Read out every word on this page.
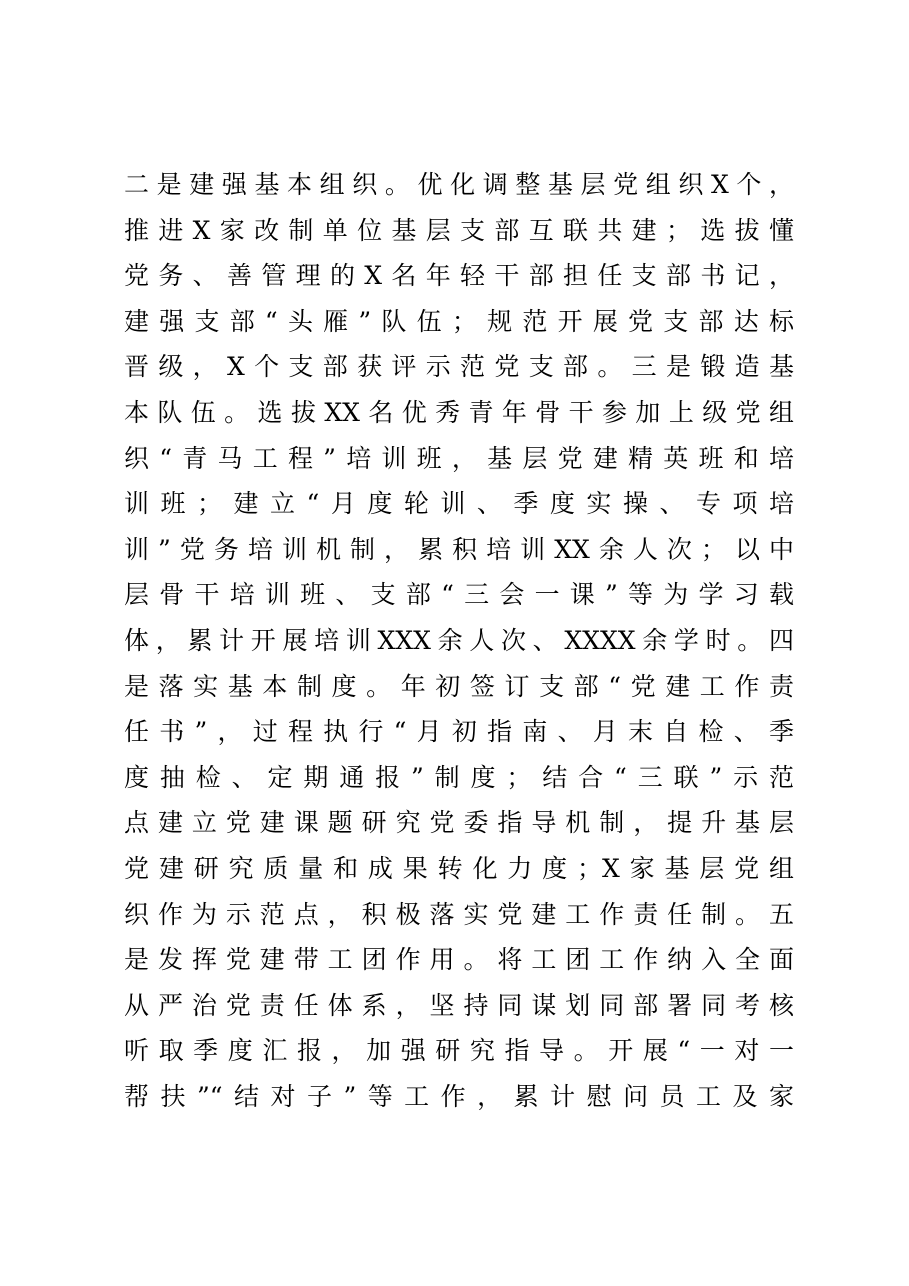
二是建强基本组织。优化调整基层党组织X个，
推进X家改制单位基层支部互联共建；选拔懂
党务、善管理的X名年轻干部担任支部书记，
建强支部“头雁”队伍；规范开展党支部达标
晋级，X个支部获评示范党支部。三是锻造基
本队伍。选拔XX名优秀青年骨干参加上级党组
织“青马工程”培训班，基层党建精英班和培
训班；建立“月度轮训、季度实操、专项培
训”党务培训机制，累积培训XX余人次；以中
层骨干培训班、支部“三会一课”等为学习载
体，累计开展培训XXX余人次、XXXX余学时。四
是落实基本制度。年初签订支部“党建工作责
任书”，过程执行“月初指南、月末自检、季
度抽检、定期通报”制度；结合“三联”示范
点建立党建课题研究党委指导机制，提升基层
党建研究质量和成果转化力度；X家基层党组
织作为示范点，积极落实党建工作责任制。五
是发挥党建带工团作用。将工团工作纳入全面
从严治党责任体系，坚持同谋划同部署同考核
听取季度汇报，加强研究指导。开展“一对一
帮扶”“结对子”等工作，累计慰问员工及家
